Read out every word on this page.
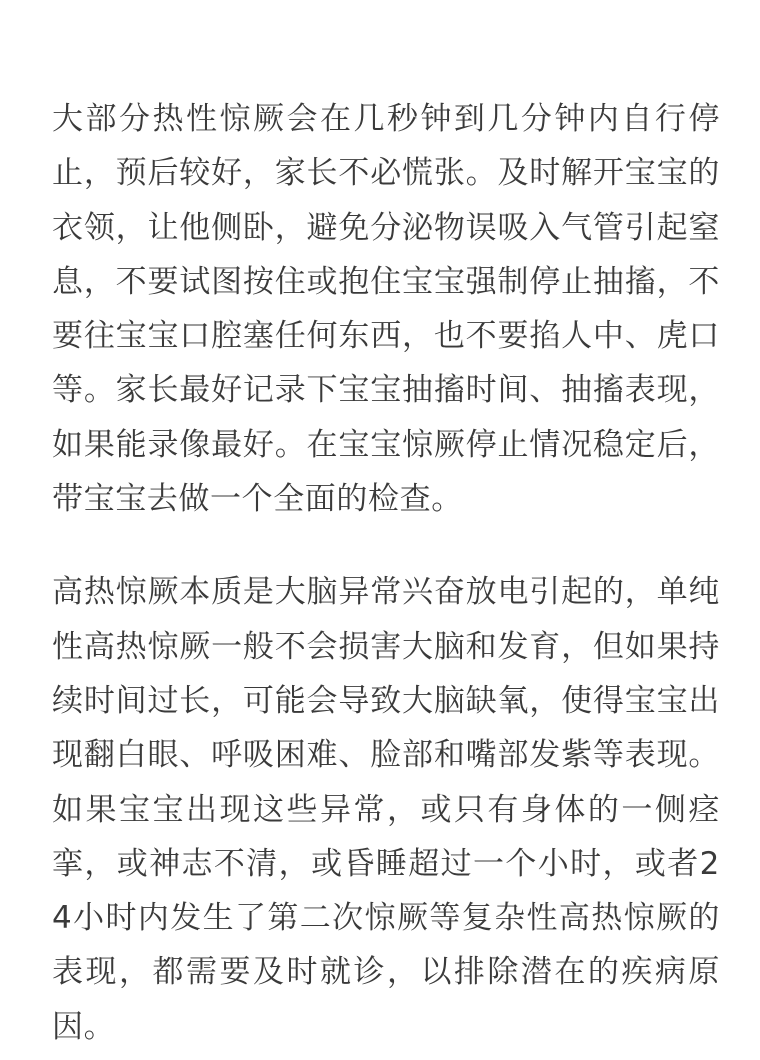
大部分热性惊厥会在几秒钟到几分钟内自行停止，预后较好，家长不必慌张。及时解开宝宝的衣领，让他侧卧，避免分泌物误吸入气管引起窒息，不要试图按住或抱住宝宝强制停止抽搐，不要往宝宝口腔塞任何东西，也不要掐人中、虎口等。家长最好记录下宝宝抽搐时间、抽搐表现，如果能录像最好。在宝宝惊厥停止情况稳定后，带宝宝去做一个全面的检查。

高热惊厥本质是大脑异常兴奋放电引起的，单纯性高热惊厥一般不会损害大脑和发育，但如果持续时间过长，可能会导致大脑缺氧，使得宝宝出现翻白眼、呼吸困难、脸部和嘴部发紫等表现。如果宝宝出现这些异常，或只有身体的一侧痉挛，或神志不清，或昏睡超过一个小时，或者24小时内发生了第二次惊厥等复杂性高热惊厥的表现，都需要及时就诊，以排除潜在的疾病原因。
